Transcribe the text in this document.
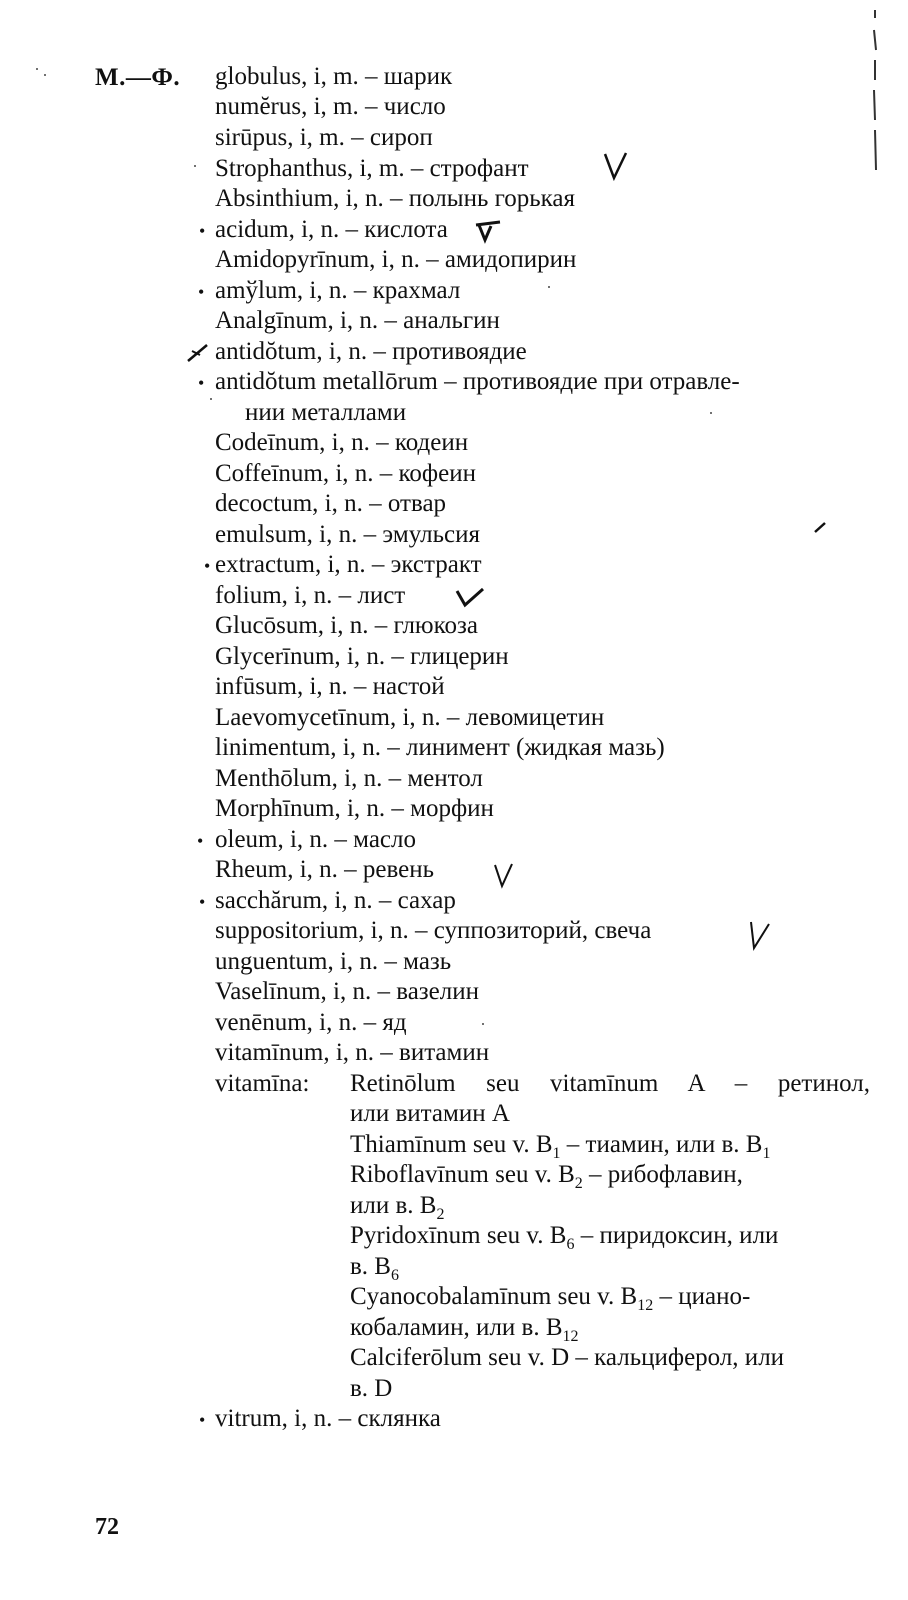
М.—Ф. globulus, i, m. – шарик
numĕrus, i, m. – число
sirūpus, i, m. – сироп
Strophanthus, i, m. – строфант
Absinthium, i, n. – полынь горькая
acidum, i, n. – кислота
Amidopyrīnum, i, n. – амидопирин
amўlum, i, n. – крахмал
Analgīnum, i, n. – анальгин
antidŏtum, i, n. – противоядие
antidŏtum metallōrum – противоядие при отравле-
нии металлами
Codeīnum, i, n. – кодеин
Coffeīnum, i, n. – кофеин
decoctum, i, n. – отвар
emulsum, i, n. – эмульсия
extractum, i, n. – экстракт
folium, i, n. – лист
Glucōsum, i, n. – глюкоза
Glycerīnum, i, n. – глицерин
infūsum, i, n. – настой
Laevomycetīnum, i, n. – левомицетин
linimentum, i, n. – линимент (жидкая мазь)
Menthōlum, i, n. – ментол
Morphīnum, i, n. – морфин
oleum, i, n. – масло
Rheum, i, n. – ревень
sacchărum, i, n. – сахар
suppositorium, i, n. – суппозиторий, свеча
unguentum, i, n. – мазь
Vaselīnum, i, n. – вазелин
venēnum, i, n. – яд
vitamīnum, i, n. – витамин
vitamīna: Retinōlum seu vitamīnum A – ретинол,
или витамин A
Thiamīnum seu v. $B_1$ – тиамин, или в. $B_1$
Riboflavīnum seu v. $B_2$ – рибофлавин,
или в. $B_2$
Pyridoxīnum seu v. $B_6$ – пиридоксин, или
в. $B_6$
Cyanocobalamīnum seu v. $B_{12}$ – циано-
кобаламин, или в. $B_{12}$
Calciferōlum seu v. D – кальциферол, или
в. D
vitrum, i, n. – склянка
72
•
•
•
•
•
•
•
